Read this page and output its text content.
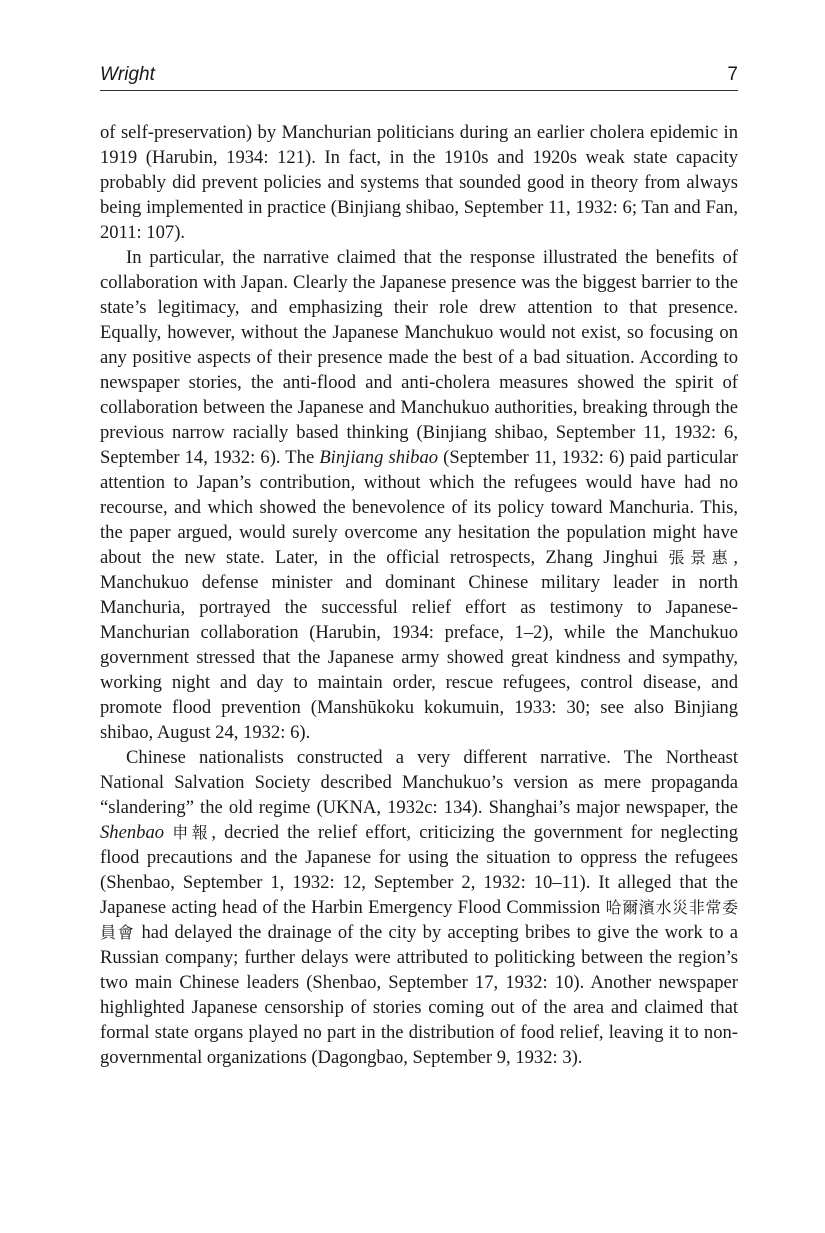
Wright	7

of self-preservation) by Manchurian politicians during an earlier cholera epidemic in 1919 (Harubin, 1934: 121). In fact, in the 1910s and 1920s weak state capacity probably did prevent policies and systems that sounded good in theory from always being implemented in practice (Binjiang shibao, September 11, 1932: 6; Tan and Fan, 2011: 107).

In particular, the narrative claimed that the response illustrated the benefits of collaboration with Japan. Clearly the Japanese presence was the biggest barrier to the state’s legitimacy, and emphasizing their role drew attention to that presence. Equally, however, without the Japanese Manchukuo would not exist, so focusing on any positive aspects of their presence made the best of a bad situation. According to newspaper stories, the anti-flood and anti-cholera measures showed the spirit of collaboration between the Japanese and Manchukuo authorities, breaking through the previous narrow racially based thinking (Binjiang shibao, September 11, 1932: 6, September 14, 1932: 6). The Binjiang shibao (September 11, 1932: 6) paid particular attention to Japan’s contribution, without which the refugees would have had no recourse, and which showed the benevolence of its policy toward Manchuria. This, the paper argued, would surely overcome any hesitation the population might have about the new state. Later, in the official retrospects, Zhang Jinghui 張景惠, Manchukuo defense minister and dominant Chinese military leader in north Manchuria, portrayed the successful relief effort as testimony to Japanese-Manchurian collaboration (Harubin, 1934: preface, 1–2), while the Manchukuo government stressed that the Japanese army showed great kindness and sympathy, working night and day to maintain order, rescue refugees, control disease, and promote flood prevention (Manshūkoku kokumuin, 1933: 30; see also Binjiang shibao, August 24, 1932: 6).

Chinese nationalists constructed a very different narrative. The Northeast National Salvation Society described Manchukuo’s version as mere propaganda “slandering” the old regime (UKNA, 1932c: 134). Shanghai’s major newspaper, the Shenbao 申報, decried the relief effort, criticizing the government for neglecting flood precautions and the Japanese for using the situation to oppress the refugees (Shenbao, September 1, 1932: 12, September 2, 1932: 10–11). It alleged that the Japanese acting head of the Harbin Emergency Flood Commission 哈爾濱水災非常委員會 had delayed the drainage of the city by accepting bribes to give the work to a Russian company; further delays were attributed to politicking between the region’s two main Chinese leaders (Shenbao, September 17, 1932: 10). Another newspaper highlighted Japanese censorship of stories coming out of the area and claimed that formal state organs played no part in the distribution of food relief, leaving it to non-governmental organizations (Dagongbao, September 9, 1932: 3).
